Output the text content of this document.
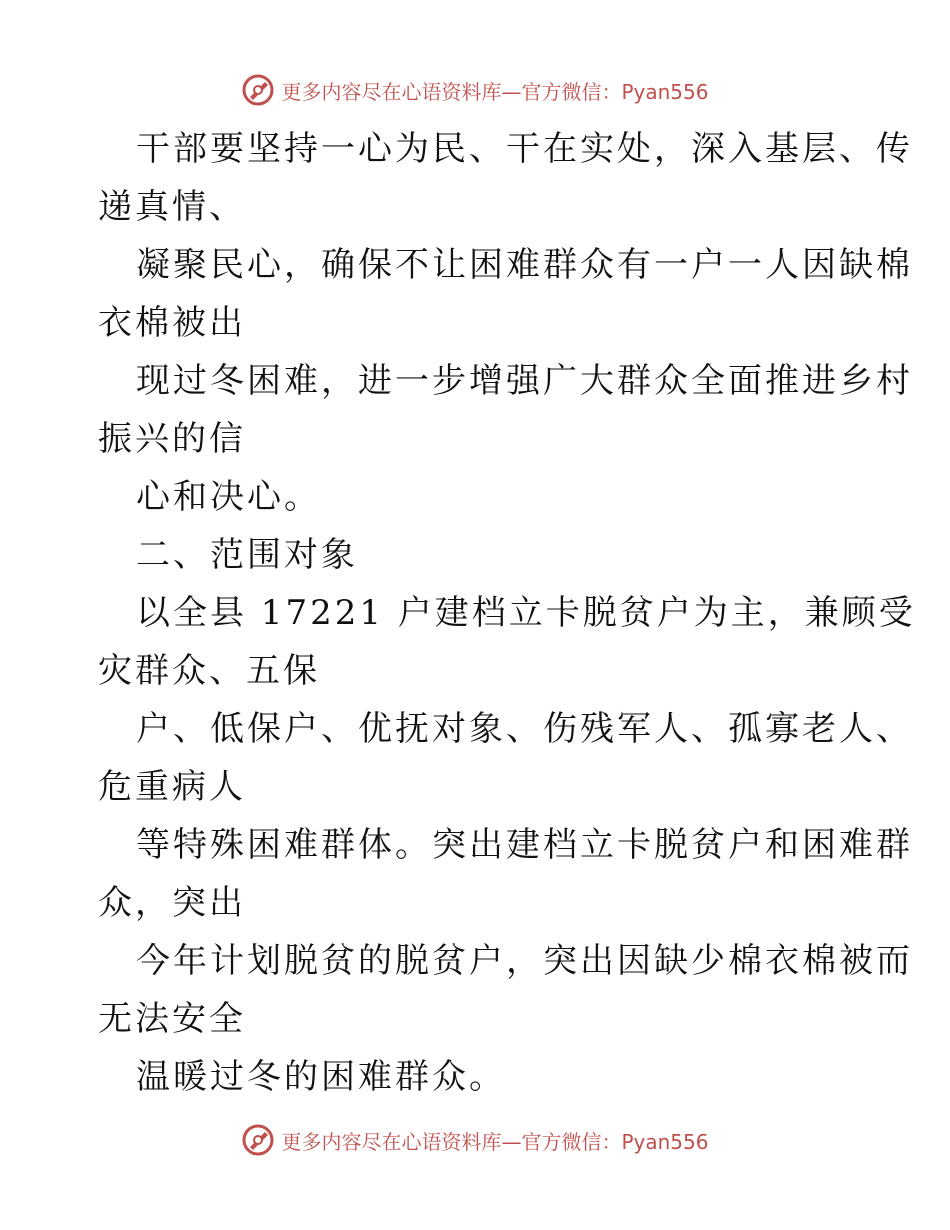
更多内容尽在心语资料库—官方微信：Pyan556
干部要坚持一心为民、干在实处，深入基层、传
递真情、
凝聚民心，确保不让困难群众有一户一人因缺棉
衣棉被出
现过冬困难，进一步增强广大群众全面推进乡村
振兴的信
心和决心。
二、范围对象
以全县 17221 户建档立卡脱贫户为主，兼顾受
灾群众、五保
户、低保户、优抚对象、伤残军人、孤寡老人、
危重病人
等特殊困难群体。突出建档立卡脱贫户和困难群
众，突出
今年计划脱贫的脱贫户，突出因缺少棉衣棉被而
无法安全
温暖过冬的困难群众。
更多内容尽在心语资料库—官方微信：Pyan556
